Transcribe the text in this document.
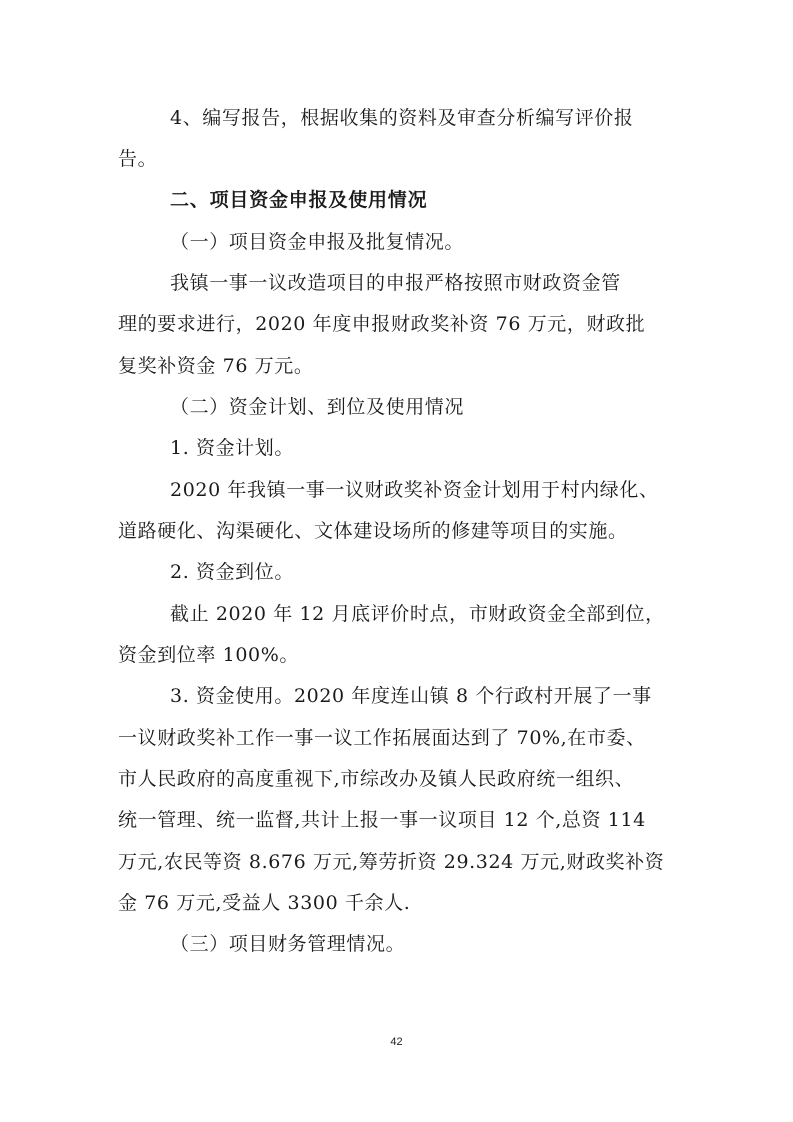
4、编写报告，根据收集的资料及审查分析编写评价报
告。
二、项目资金申报及使用情况
（一）项目资金申报及批复情况。
我镇一事一议改造项目的申报严格按照市财政资金管
理的要求进行，2020 年度申报财政奖补资 76 万元，财政批
复奖补资金 76 万元。
（二）资金计划、到位及使用情况
1. 资金计划。
2020 年我镇一事一议财政奖补资金计划用于村内绿化、
道路硬化、沟渠硬化、文体建设场所的修建等项目的实施。
2. 资金到位。
截止 2020 年 12 月底评价时点，市财政资金全部到位，
资金到位率 100%。
3. 资金使用。2020 年度连山镇 8 个行政村开展了一事
一议财政奖补工作一事一议工作拓展面达到了 70%,在市委、
市人民政府的高度重视下,市综改办及镇人民政府统一组织、
统一管理、统一监督,共计上报一事一议项目 12 个,总资 114
万元,农民等资 8.676 万元,筹劳折资 29.324 万元,财政奖补资
金 76 万元,受益人 3300 千余人.
（三）项目财务管理情况。
42
